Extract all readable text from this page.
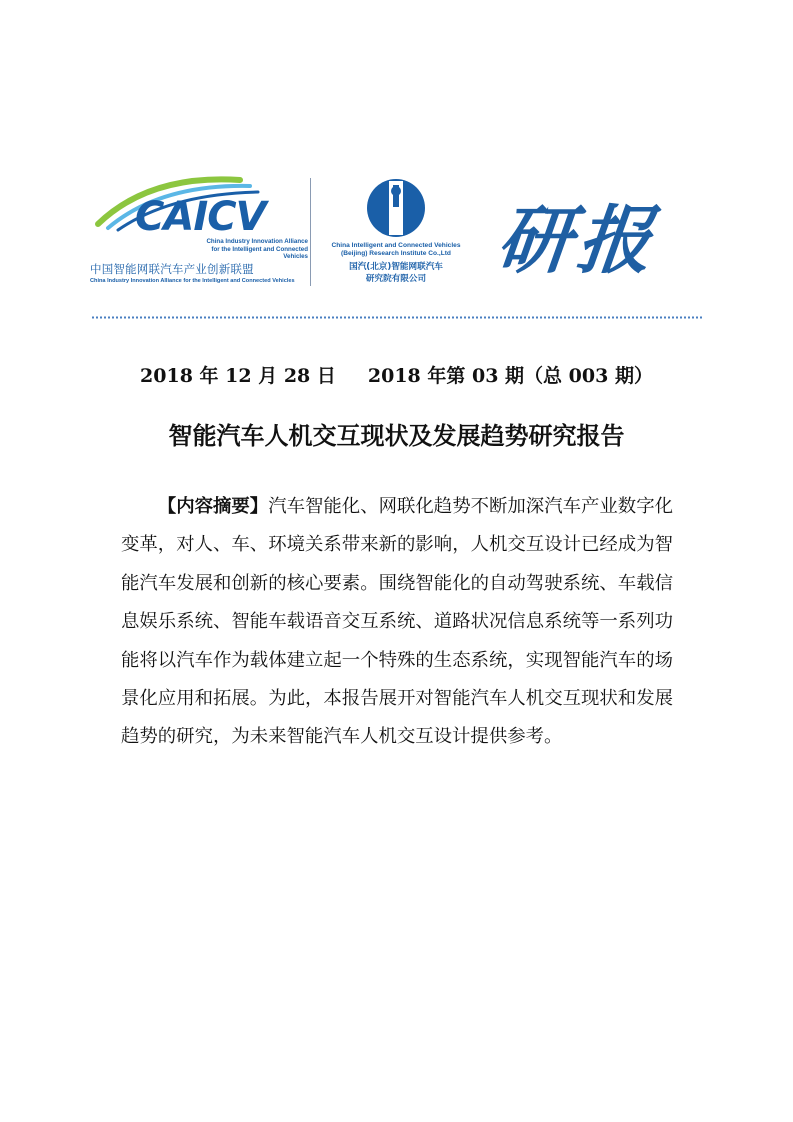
CAICV
China Industry Innovation Alliance
for the Intelligent and Connected Vehicles
中国智能网联汽车产业创新联盟
China Industry Innovation Alliance for the Intelligent and Connected Vehicles
China Intelligent and Connected Vehicles
(Beijing) Research Institute Co.,Ltd
国汽(北京)智能网联汽车
研究院有限公司 研报
2018 年 12 月 28 日 2018 年第 03 期（总 003 期）
智能汽车人机交互现状及发展趋势研究报告
【内容摘要】汽车智能化、网联化趋势不断加深汽车产业数字化变革，对人、车、环境关系带来新的影响，人机交互设计已经成为智能汽车发展和创新的核心要素。围绕智能化的自动驾驶系统、车载信息娱乐系统、智能车载语音交互系统、道路状况信息系统等一系列功能将以汽车作为载体建立起一个特殊的生态系统，实现智能汽车的场景化应用和拓展。为此，本报告展开对智能汽车人机交互现状和发展趋势的研究，为未来智能汽车人机交互设计提供参考。
